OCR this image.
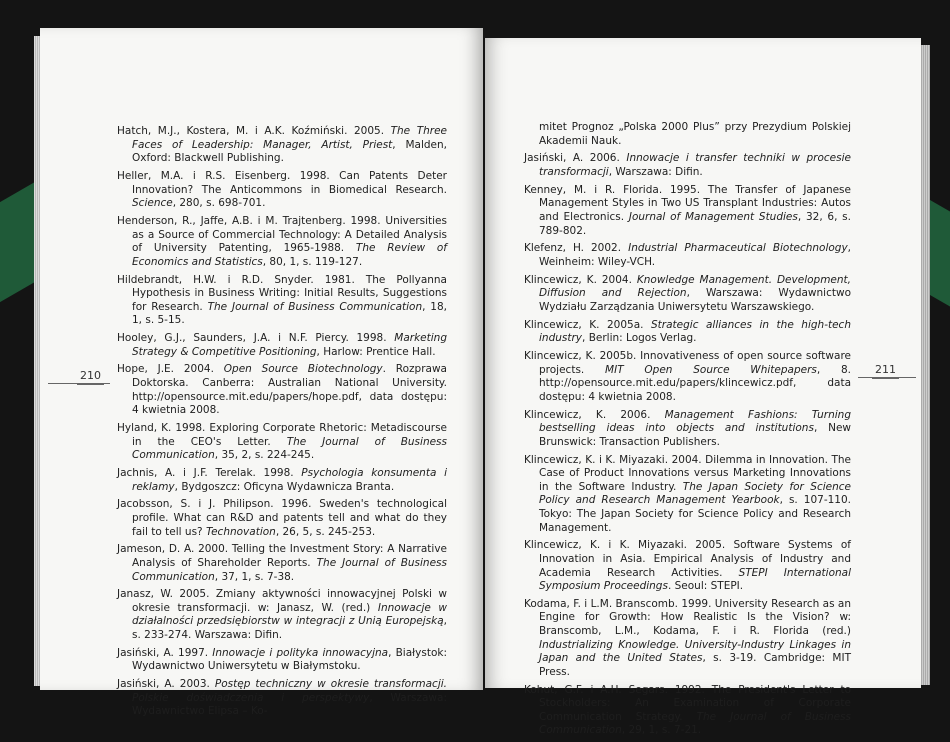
210	211
Hatch, M.J., Kostera, M. i A.K. Koźmiński. 2005. The Three Faces of Leadership: Manager, Artist, Priest, Malden, Oxford: Blackwell Publishing.
Heller, M.A. i R.S. Eisenberg. 1998. Can Patents Deter Innovation? The Anticommons in Biomedical Research. Science, 280, s. 698-701.
Henderson, R., Jaffe, A.B. i M. Trajtenberg. 1998. Universities as a Source of Commercial Technology: A Detailed Analysis of University Patenting, 1965-1988. The Review of Economics and Statistics, 80, 1, s. 119-127.
Hildebrandt, H.W. i R.D. Snyder. 1981. The Pollyanna Hypothesis in Business Writing: Initial Results, Suggestions for Research. The Journal of Business Communication, 18, 1, s. 5-15.
Hooley, G.J., Saunders, J.A. i N.F. Piercy. 1998. Marketing Strategy & Competitive Positioning, Harlow: Prentice Hall.
Hope, J.E. 2004. Open Source Biotechnology. Rozprawa Doktorska. Canberra: Australian National University. http://opensource.mit.edu/papers/hope.pdf, data dostępu: 4 kwietnia 2008.
Hyland, K. 1998. Exploring Corporate Rhetoric: Metadiscourse in the CEO's Letter. The Journal of Business Communication, 35, 2, s. 224-245.
Jachnis, A. i J.F. Terelak. 1998. Psychologia konsumenta i reklamy, Bydgoszcz: Oficyna Wydawnicza Branta.
Jacobsson, S. i J. Philipson. 1996. Sweden's technological profile. What can R&D and patents tell and what do they fail to tell us? Technovation, 26, 5, s. 245-253.
Jameson, D. A. 2000. Telling the Investment Story: A Narrative Analysis of Shareholder Reports. The Journal of Business Communication, 37, 1, s. 7-38.
Janasz, W. 2005. Zmiany aktywności innowacyjnej Polski w okresie transformacji. w: Janasz, W. (red.) Innowacje w działalności przedsiębiorstw w integracji z Unią Europejską, s. 233-274. Warszawa: Difin.
Jasiński, A. 1997. Innowacje i polityka innowacyjna, Białystok: Wydawnictwo Uniwersytetu w Białymstoku.
Jasiński, A. 2003. Postęp techniczny w okresie transformacji. Polskie doświadczenia i perspektywy, Warszawa: Wydawnictwo Elipsa – Ko-
mitet Prognoz „Polska 2000 Plus” przy Prezydium Polskiej Akademii Nauk.
Jasiński, A. 2006. Innowacje i transfer techniki w procesie transformacji, Warszawa: Difin.
Kenney, M. i R. Florida. 1995. The Transfer of Japanese Management Styles in Two US Transplant Industries: Autos and Electronics. Journal of Management Studies, 32, 6, s. 789-802.
Klefenz, H. 2002. Industrial Pharmaceutical Biotechnology, Weinheim: Wiley-VCH.
Klincewicz, K. 2004. Knowledge Management. Development, Diffusion and Rejection, Warszawa: Wydawnictwo Wydziału Zarządzania Uniwersytetu Warszawskiego.
Klincewicz, K. 2005a. Strategic alliances in the high-tech industry, Berlin: Logos Verlag.
Klincewicz, K. 2005b. Innovativeness of open source software projects. MIT Open Source Whitepapers, 8. http://opensource.mit.edu/papers/klincewicz.pdf, data dostępu: 4 kwietnia 2008.
Klincewicz, K. 2006. Management Fashions: Turning bestselling ideas into objects and institutions, New Brunswick: Transaction Publishers.
Klincewicz, K. i K. Miyazaki. 2004. Dilemma in Innovation. The Case of Product Innovations versus Marketing Innovations in the Software Industry. The Japan Society for Science Policy and Research Management Yearbook, s. 107-110. Tokyo: The Japan Society for Science Policy and Research Management.
Klincewicz, K. i K. Miyazaki. 2005. Software Systems of Innovation in Asia. Empirical Analysis of Industry and Academia Research Activities. STEPI International Symposium Proceedings. Seoul: STEPI.
Kodama, F. i L.M. Branscomb. 1999. University Research as an Engine for Growth: How Realistic Is the Vision? w: Branscomb, L.M., Kodama, F. i R. Florida (red.) Industrializing Knowledge. University-Industry Linkages in Japan and the United States, s. 3-19. Cambridge: MIT Press.
Kohut, G.F. i A.H. Segars. 1992. The President's Letter to Stockholders: An Examination of Corporate Communication Strategy. The Journal of Business Communication, 29, 1, s. 7-21.
